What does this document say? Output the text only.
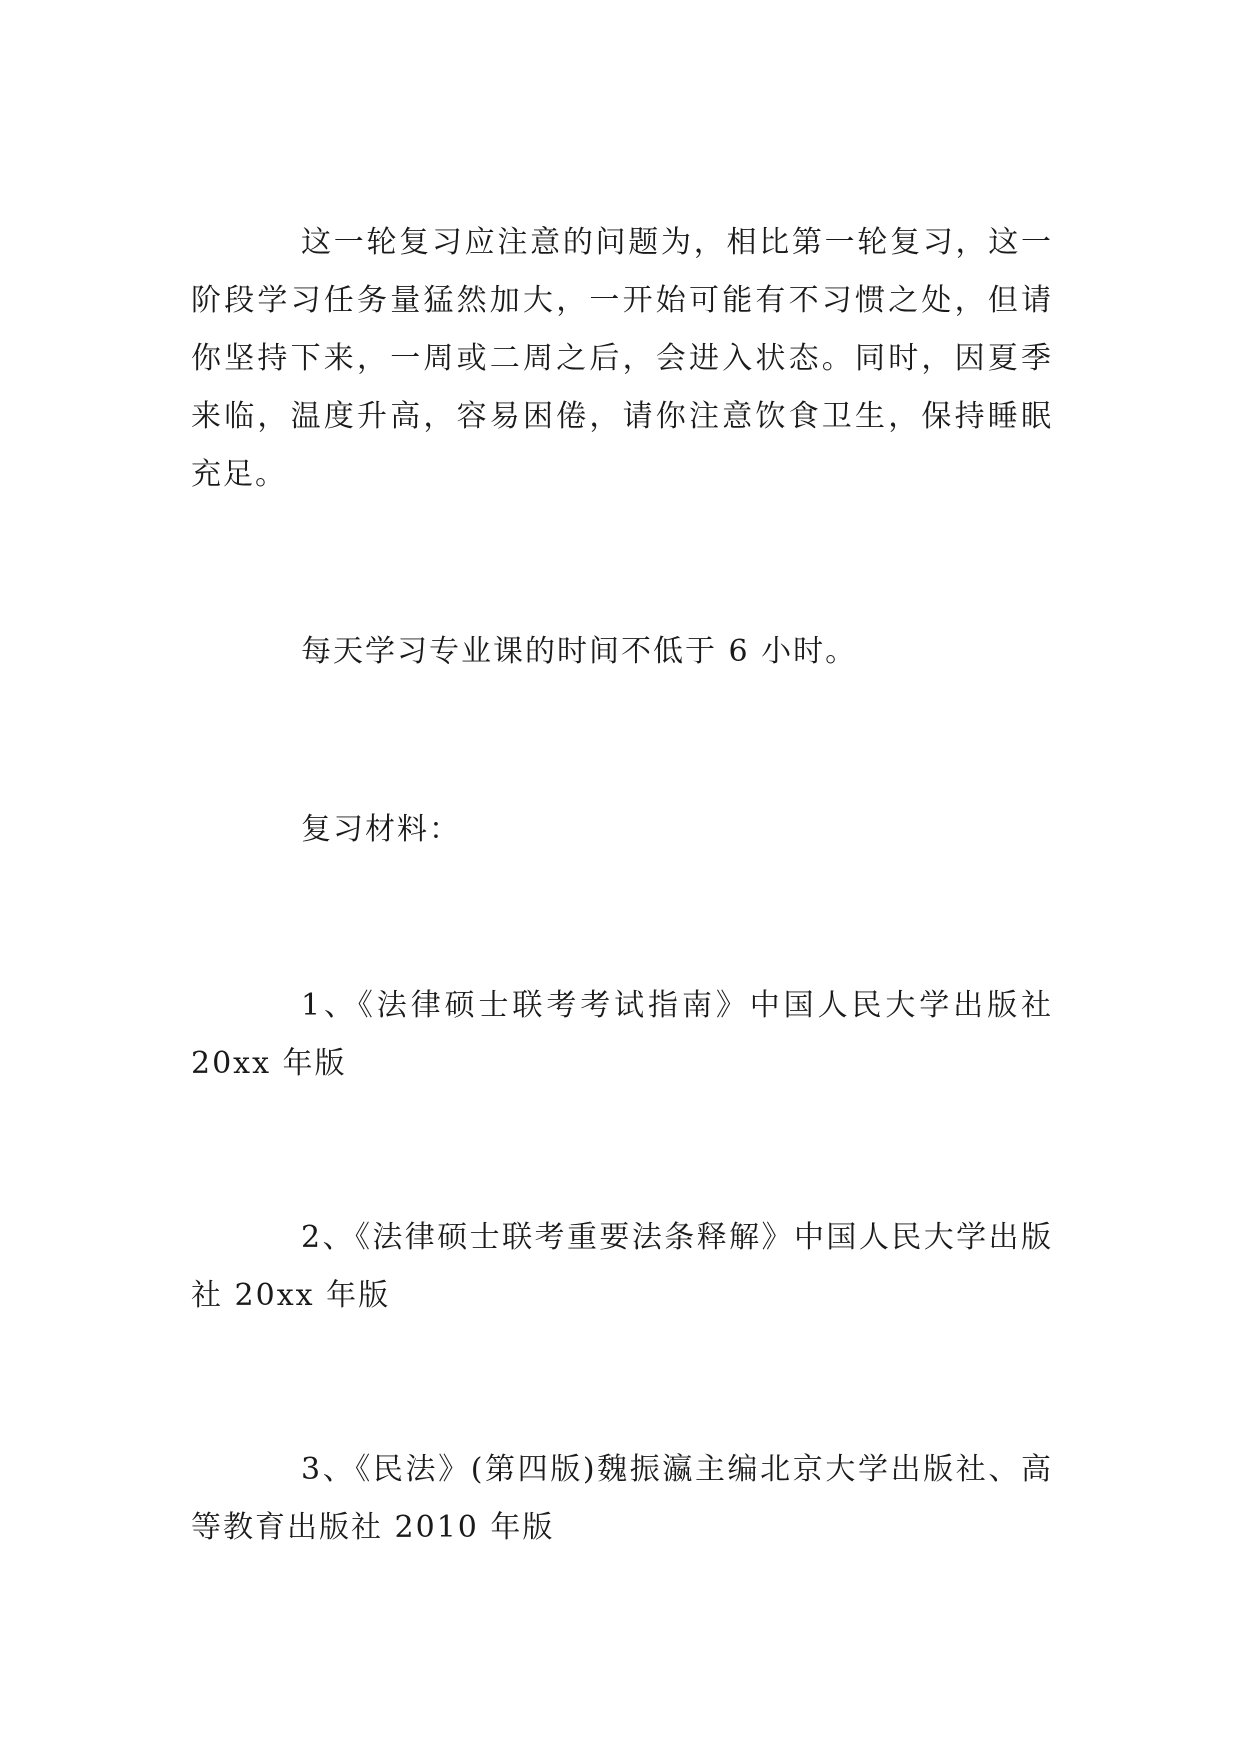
这一轮复习应注意的问题为，相比第一轮复习，这一阶段学习任务量猛然加大，一开始可能有不习惯之处，但请你坚持下来，一周或二周之后，会进入状态。同时，因夏季来临，温度升高，容易困倦，请你注意饮食卫生，保持睡眠充足。

每天学习专业课的时间不低于 6 小时。

复习材料：

1、《法律硕士联考考试指南》中国人民大学出版社 20xx 年版

2、《法律硕士联考重要法条释解》中国人民大学出版社 20xx 年版

3、《民法》(第四版)魏振瀛主编北京大学出版社、高等教育出版社 2010 年版
